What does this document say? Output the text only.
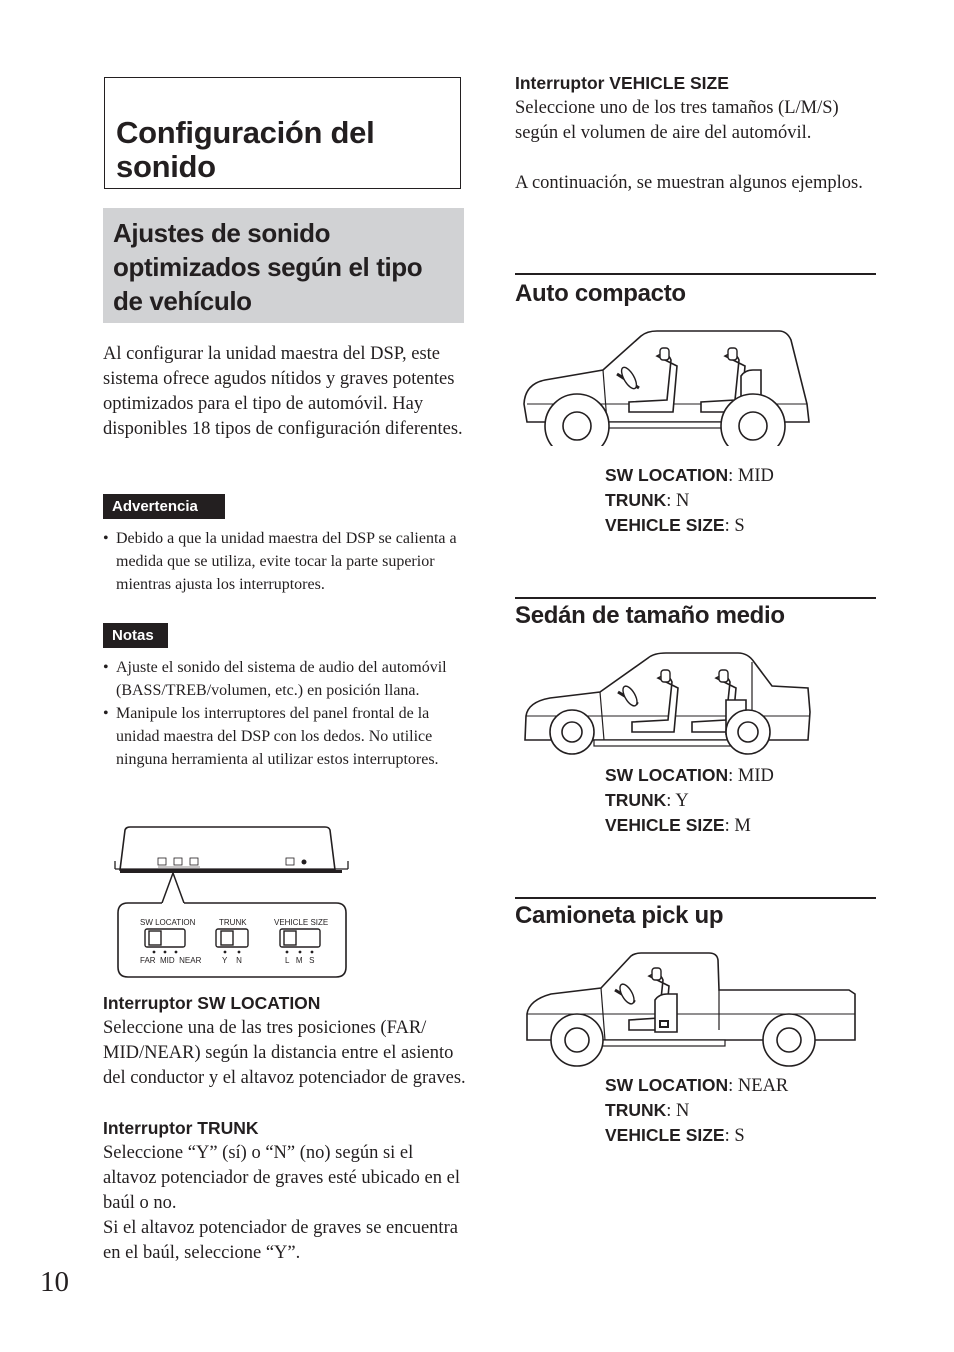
Configuración del sonido
Ajustes de sonido optimizados según el tipo de vehículo
Al configurar la unidad maestra del DSP, este sistema ofrece agudos nítidos y graves potentes optimizados para el tipo de automóvil. Hay disponibles 18 tipos de configuración diferentes.
Advertencia
• Debido a que la unidad maestra del DSP se calienta a medida que se utiliza, evite tocar la parte superior mientras ajusta los interruptores.
Notas
• Ajuste el sonido del sistema de audio del automóvil (BASS/TREB/volumen, etc.) en posición llana.
• Manipule los interruptores del panel frontal de la unidad maestra del DSP con los dedos. No utilice ninguna herramienta al utilizar estos interruptores.
SW LOCATION	TRUNK	VEHICLE SIZE
FAR  MID  NEAR	Y    N	L   M   S
Interruptor SW LOCATION
Seleccione una de las tres posiciones (FAR/ MID/NEAR) según la distancia entre el asiento del conductor y el altavoz potenciador de graves.
Interruptor TRUNK
Seleccione “Y” (sí) o “N” (no) según si el altavoz potenciador de graves esté ubicado en el baúl o no.
Si el altavoz potenciador de graves se encuentra en el baúl, seleccione “Y”.
10
Interruptor VEHICLE SIZE
Seleccione uno de los tres tamaños (L/M/S) según el volumen de aire del automóvil.
A continuación, se muestran algunos ejemplos.
Auto compacto
SW LOCATION: MID
TRUNK: N
VEHICLE SIZE: S
Sedán de tamaño medio
SW LOCATION: MID
TRUNK: Y
VEHICLE SIZE: M
Camioneta pick up
SW LOCATION: NEAR
TRUNK: N
VEHICLE SIZE: S
